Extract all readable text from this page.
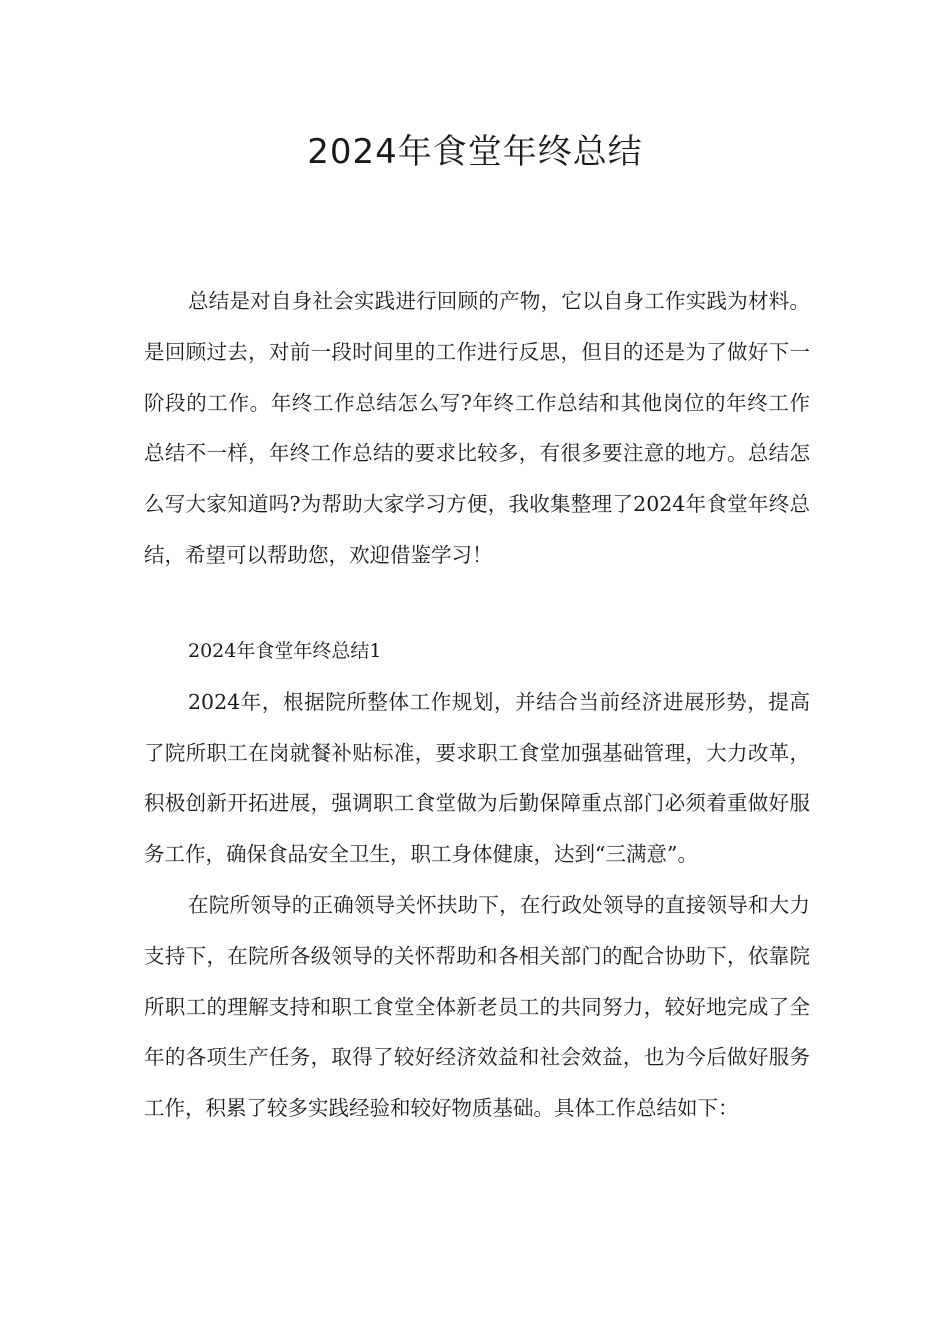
2024年食堂年终总结

总结是对自身社会实践进行回顾的产物，它以自身工作实践为材料。是回顾过去，对前一段时间里的工作进行反思，但目的还是为了做好下一阶段的工作。年终工作总结怎么写?年终工作总结和其他岗位的年终工作总结不一样，年终工作总结的要求比较多，有很多要注意的地方。总结怎么写大家知道吗?为帮助大家学习方便，我收集整理了2024年食堂年终总结，希望可以帮助您，欢迎借鉴学习！

2024年食堂年终总结1

2024年，根据院所整体工作规划，并结合当前经济进展形势，提高了院所职工在岗就餐补贴标准，要求职工食堂加强基础管理，大力改革，积极创新开拓进展，强调职工食堂做为后勤保障重点部门必须着重做好服务工作，确保食品安全卫生，职工身体健康，达到“三满意”。

在院所领导的正确领导关怀扶助下，在行政处领导的直接领导和大力支持下，在院所各级领导的关怀帮助和各相关部门的配合协助下，依靠院所职工的理解支持和职工食堂全体新老员工的共同努力，较好地完成了全年的各项生产任务，取得了较好经济效益和社会效益，也为今后做好服务工作，积累了较多实践经验和较好物质基础。具体工作总结如下：
